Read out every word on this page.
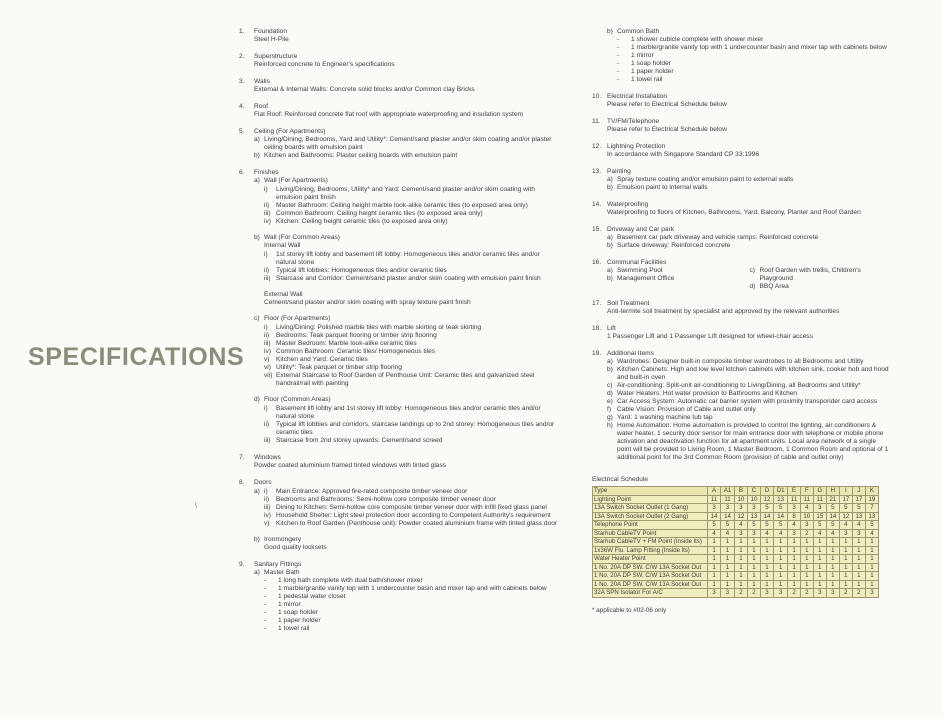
SPECIFICATIONS
\
1. Foundation
Steel H-Pile
2. Superstructure
Reinforced concrete to Engineer's specifications
3. Walls
External & Internal Walls: Concrete solid blocks and/or Common clay Bricks
4. Roof
Flat Roof: Reinforced concrete flat roof with appropriate waterproofing and insulation system
5. Ceiling (For Apartments)
a) Living/Dining, Bedrooms, Yard and Utility*: Cement/sand plaster and/or skim coating and/or plaster ceiling boards with emulsion paint
b) Kitchen and Bathrooms: Plaster ceiling boards with emulsion paint
6. Finishes
a) Wall (For Apartments)
i) Living/Dining, Bedrooms, Utility* and Yard: Cement/sand plaster and/or skim coating with emulsion paint finish
ii) Master Bathroom: Ceiling height marble look-alike ceramic tiles (to exposed area only)
iii) Common Bathroom: Ceiling height ceramic tiles (to exposed area only)
iv) Kitchen: Ceiling height ceramic tiles (to exposed area only)
b) Wall (For Common Areas)
Internal Wall
i) 1st storey lift lobby and basement lift lobby: Homogeneous tiles and/or ceramic tiles and/or natural stone
ii) Typical lift lobbies: Homogeneous tiles and/or ceramic tiles
iii) Staircase and Corridor: Cement/sand plaster and/or skim coating with emulsion paint finish
External Wall
Cement/sand plaster and/or skim coating with spray texture paint finish
c) Floor (For Apartments)
i) Living/Dining: Polished marble tiles with marble skirting or teak skirting
ii) Bedrooms: Teak parquet flooring or timber strip flooring
iii) Master Bedroom: Marble look-alike ceramic tiles
iv) Common Bathroom: Ceramic tiles/ Homogeneous tiles
v) Kitchen and Yard: Ceramic tiles
vi) Utility*: Teak parquet or timber strip flooring
vii) External Staircase to Roof Garden of Penthouse Unit: Ceramic tiles and galvanized steel handrail/rail with painting
d) Floor (Common Areas)
i) Basement lift lobby and 1st storey lift lobby: Homogeneous tiles and/or ceramic tiles and/or natural stone
ii) Typical lift lobbies and corridors, staircase landings up to 2nd storey: Homogeneous tiles and/or ceramic tiles
iii) Staircase from 2nd storey upwards: Cement/sand screed
7. Windows
Powder coated aluminium framed tinted windows with tinted glass
8. Doors
a) i) Main Entrance: Approved fire-rated composite timber veneer door
ii) Bedrooms and Bathrooms: Semi-hollow core composite timber veneer door
iii) Dining to Kitchen: Semi-hollow core composite timber veneer door with infill fixed glass panel
iv) Household Shelter: Light steel protection door according to Competent Authority's requirement
v) Kitchen to Roof Garden (Penthouse unit): Powder coated aluminium frame with tinted glass door
b) Ironmongery
Good quality locksets
9. Sanitary Fittings
a) Master Bath
- 1 long bath complete with dual bath/shower mixer
- 1 marble/granite vanity top with 1 undercounter basin and mixer tap and with cabinets below
- 1 pedestal water closet
- 1 mirror
- 1 soap holder
- 1 paper holder
- 1 towel rail
b) Common Bath
- 1 shower cubicle complete with shower mixer
- 1 marble/granite vanity top with 1 undercounter basin and mixer tap with cabinets below
- 1 mirror
- 1 soap holder
- 1 paper holder
- 1 towel rail
10. Electrical Installation
Please refer to Electrical Schedule below
11. TV/FM/Telephone
Please refer to Electrical Schedule below
12. Lightning Protection
In accordance with Singapore Standard CP 33:1996
13. Painting
a) Spray texture coating and/or emulsion paint to external walls
b) Emulsion paint to internal walls
14. Waterproofing
Waterproofing to floors of Kitchen, Bathrooms, Yard, Balcony, Planter and Roof Garden
15. Driveway and Car park
a) Basement car park driveway and vehicle ramps: Reinforced concrete
b) Surface driveway: Reinforced concrete
16. Communal Facilities
a) Swimming Pool
b) Management Office
c) Roof Garden with trellis, Children's Playground
d) BBQ Area
17. Soil Treatment
Anti-termite soil treatment by specialist and approved by the relevant authorities
18. Lift
1 Passenger Lift and 1 Passenger Lift designed for wheel-chair access
19. Additional Items
a) Wardrobes: Designer built-in composite timber wardrobes to all Bedrooms and Utility
b) Kitchen Cabinets: High and low level kitchen cabinets with kitchen sink, cooker hob and hood and built-in oven
c) Air-conditioning: Split-unit air-conditioning to Living/Dining, all Bedrooms and Utility*
d) Water Heaters: Hot water provision to Bathrooms and Kitchen
e) Car Access System: Automatic car barrier system with proximity transponder card access
f) Cable Vision: Provision of Cable and outlet only
g) Yard: 1 washing machine tub tap
h) Home Automation: Home automation is provided to control the lighting, air conditioners & water heater. 1 security door sensor for main entrance door with telephone or mobile phone activation and deactivation function for all apartment units. Local area network of a single point will be provided to Living Room, 1 Master Bedroom, 1 Common Room and optional of 1 additional point for the 3rd Common Room (provision of cable and outlet only)
Electrical Schedule
Type	A	A1	B	C	D	D1	E	F	G	H	I	J	K
Lighting Point	11	11	10	10	12	13	11	11	11	21	17	17	19
13A Switch Socket Outlet (1 Gang)	3	3	3	3	5	5	3	4	3	5	5	5	7
13A Switch Socket Outlet (2 Gang)	14	14	12	13	14	14	8	10	15	14	12	13	13
Telephone Point	5	5	4	5	5	5	4	3	5	5	4	4	5
Starhub CableTV Point	4	4	3	3	4	4	3	2	4	4	3	3	4
Starhub CableTV + FM Point (Inside lts)	1	1	1	1	1	1	1	1	1	1	1	1	1
1x36W Flu. Lamp Fitting (Inside lts)	1	1	1	1	1	1	1	1	1	1	1	1	1
Water Heater Point	1	1	1	1	1	1	1	1	1	1	1	1	1
1 No. 20A DP SW. C/W 13A Socket Out	1	1	1	1	1	1	1	1	1	1	1	1	1
1 No. 20A DP SW. C/W 13A Socket Out	1	1	1	1	1	1	1	1	1	1	1	1	1
1 No. 20A DP SW. C/W 13A Socket Out	1	1	1	1	1	1	1	1	1	1	1	1	1
32A SPN Isolator For A/C	3	3	2	2	3	3	2	2	3	3	2	2	3
* applicable to #02-06 only
